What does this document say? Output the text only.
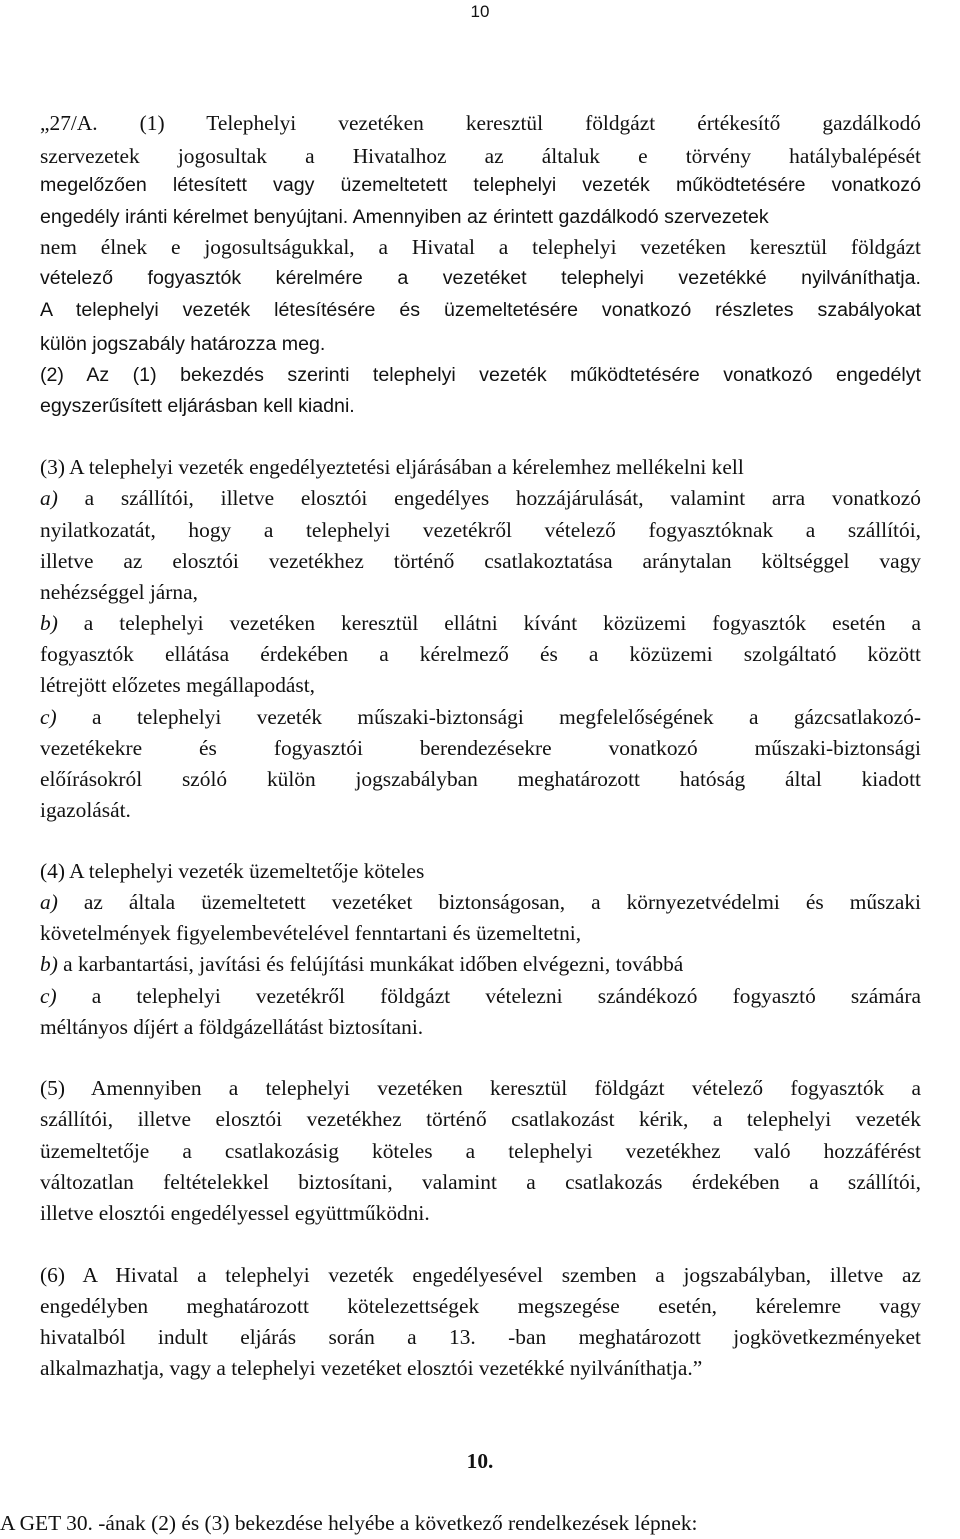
10
„27/A. (1) Telephelyi vezetéken keresztül földgázt értékesítő gazdálkodó
szervezetek jogosultak a Hivatalhoz az általuk e törvény hatálybalépését
megelőzően létesített vagy üzemeltetett telephelyi vezeték működtetésére vonatkozó
engedély iránti kérelmet benyújtani. Amennyiben az érintett gazdálkodó szervezetek
nem élnek e jogosultságukkal, a Hivatal a telephelyi vezetéken keresztül földgázt
vételező fogyasztók kérelmére a vezetéket telephelyi vezetékké nyilváníthatja.
A telephelyi vezeték létesítésére és üzemeltetésére vonatkozó részletes szabályokat
külön jogszabály határozza meg.
(2) Az (1) bekezdés szerinti telephelyi vezeték működtetésére vonatkozó engedélyt
egyszerűsített eljárásban kell kiadni.
(3) A telephelyi vezeték engedélyeztetési eljárásában a kérelemhez mellékelni kell
a) a szállítói, illetve elosztói engedélyes hozzájárulását, valamint arra vonatkozó
nyilatkozatát, hogy a telephelyi vezetékről vételező fogyasztóknak a szállítói,
illetve az elosztói vezetékhez történő csatlakoztatása aránytalan költséggel vagy
nehézséggel járna,
b) a telephelyi vezetéken keresztül ellátni kívánt közüzemi fogyasztók esetén a
fogyasztók ellátása érdekében a kérelmező és a közüzemi szolgáltató között
létrejött előzetes megállapodást,
c) a telephelyi vezeték műszaki-biztonsági megfelelőségének a gázcsatlakozó-
vezetékekre és fogyasztói berendezésekre vonatkozó műszaki-biztonsági
előírásokról szóló külön jogszabályban meghatározott hatóság által kiadott
igazolását.
(4) A telephelyi vezeték üzemeltetője köteles
a) az általa üzemeltetett vezetéket biztonságosan, a környezetvédelmi és műszaki
követelmények figyelembevételével fenntartani és üzemeltetni,
b) a karbantartási, javítási és felújítási munkákat időben elvégezni, továbbá
c) a telephelyi vezetékről földgázt vételezni szándékozó fogyasztó számára
méltányos díjért a földgázellátást biztosítani.
(5) Amennyiben a telephelyi vezetéken keresztül földgázt vételező fogyasztók a
szállítói, illetve elosztói vezetékhez történő csatlakozást kérik, a telephelyi vezeték
üzemeltetője a csatlakozásig köteles a telephelyi vezetékhez való hozzáférést
változatlan feltételekkel biztosítani, valamint a csatlakozás érdekében a szállítói,
illetve elosztói engedélyessel együttműködni.
(6) A Hivatal a telephelyi vezeték engedélyesével szemben a jogszabályban, illetve az
engedélyben meghatározott kötelezettségek megszegése esetén, kérelemre vagy
hivatalból indult eljárás során a 13. -ban meghatározott jogkövetkezményeket
alkalmazhatja, vagy a telephelyi vezetéket elosztói vezetékké nyilváníthatja.”
10.
A GET 30. -ának (2) és (3) bekezdése helyébe a következő rendelkezések lépnek:
